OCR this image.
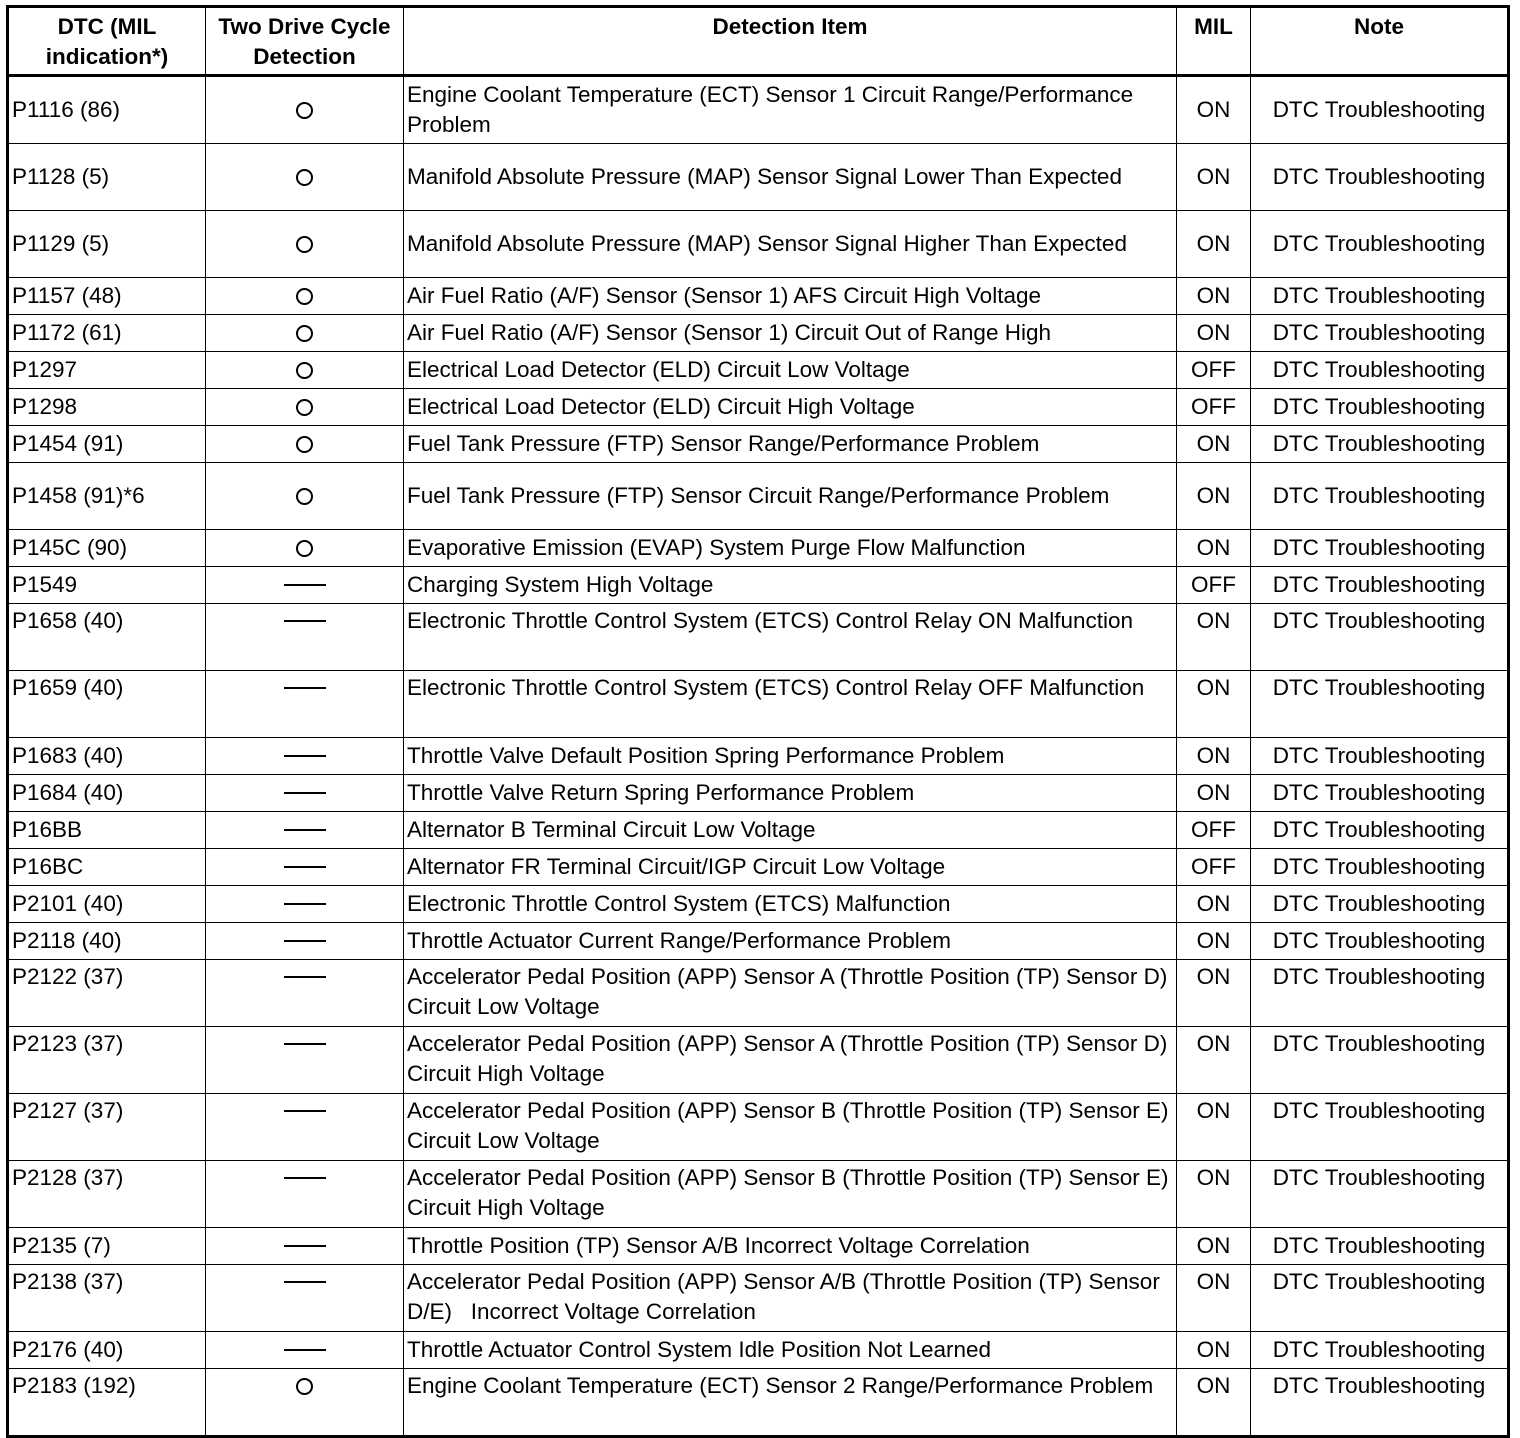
DTC (MIL indication*)	Two Drive Cycle Detection	Detection Item	MIL	Note
P1116 (86)		Engine Coolant Temperature (ECT) Sensor 1 Circuit Range/Performance Problem	ON	DTC Troubleshooting
P1128 (5)		Manifold Absolute Pressure (MAP) Sensor Signal Lower Than Expected	ON	DTC Troubleshooting
P1129 (5)		Manifold Absolute Pressure (MAP) Sensor Signal Higher Than Expected	ON	DTC Troubleshooting
P1157 (48)		Air Fuel Ratio (A/F) Sensor (Sensor 1) AFS Circuit High Voltage	ON	DTC Troubleshooting
P1172 (61)		Air Fuel Ratio (A/F) Sensor (Sensor 1) Circuit Out of Range High	ON	DTC Troubleshooting
P1297		Electrical Load Detector (ELD) Circuit Low Voltage	OFF	DTC Troubleshooting
P1298		Electrical Load Detector (ELD) Circuit High Voltage	OFF	DTC Troubleshooting
P1454 (91)		Fuel Tank Pressure (FTP) Sensor Range/Performance Problem	ON	DTC Troubleshooting
P1458 (91)*6		Fuel Tank Pressure (FTP) Sensor Circuit Range/Performance Problem	ON	DTC Troubleshooting
P145C (90)		Evaporative Emission (EVAP) System Purge Flow Malfunction	ON	DTC Troubleshooting
P1549		Charging System High Voltage	OFF	DTC Troubleshooting
P1658 (40)		Electronic Throttle Control System (ETCS) Control Relay ON Malfunction	ON	DTC Troubleshooting
P1659 (40)		Electronic Throttle Control System (ETCS) Control Relay OFF Malfunction	ON	DTC Troubleshooting
P1683 (40)		Throttle Valve Default Position Spring Performance Problem	ON	DTC Troubleshooting
P1684 (40)		Throttle Valve Return Spring Performance Problem	ON	DTC Troubleshooting
P16BB		Alternator B Terminal Circuit Low Voltage	OFF	DTC Troubleshooting
P16BC		Alternator FR Terminal Circuit/IGP Circuit Low Voltage	OFF	DTC Troubleshooting
P2101 (40)		Electronic Throttle Control System (ETCS) Malfunction	ON	DTC Troubleshooting
P2118 (40)		Throttle Actuator Current Range/Performance Problem	ON	DTC Troubleshooting
P2122 (37)		Accelerator Pedal Position (APP) Sensor A (Throttle Position (TP) Sensor D) Circuit Low Voltage	ON	DTC Troubleshooting
P2123 (37)		Accelerator Pedal Position (APP) Sensor A (Throttle Position (TP) Sensor D) Circuit High Voltage	ON	DTC Troubleshooting
P2127 (37)		Accelerator Pedal Position (APP) Sensor B (Throttle Position (TP) Sensor E) Circuit Low Voltage	ON	DTC Troubleshooting
P2128 (37)		Accelerator Pedal Position (APP) Sensor B (Throttle Position (TP) Sensor E) Circuit High Voltage	ON	DTC Troubleshooting
P2135 (7)		Throttle Position (TP) Sensor A/B Incorrect Voltage Correlation	ON	DTC Troubleshooting
P2138 (37)		Accelerator Pedal Position (APP) Sensor A/B (Throttle Position (TP) Sensor D/E)   Incorrect Voltage Correlation	ON	DTC Troubleshooting
P2176 (40)		Throttle Actuator Control System Idle Position Not Learned	ON	DTC Troubleshooting
P2183 (192)		Engine Coolant Temperature (ECT) Sensor 2 Range/Performance Problem	ON	DTC Troubleshooting
